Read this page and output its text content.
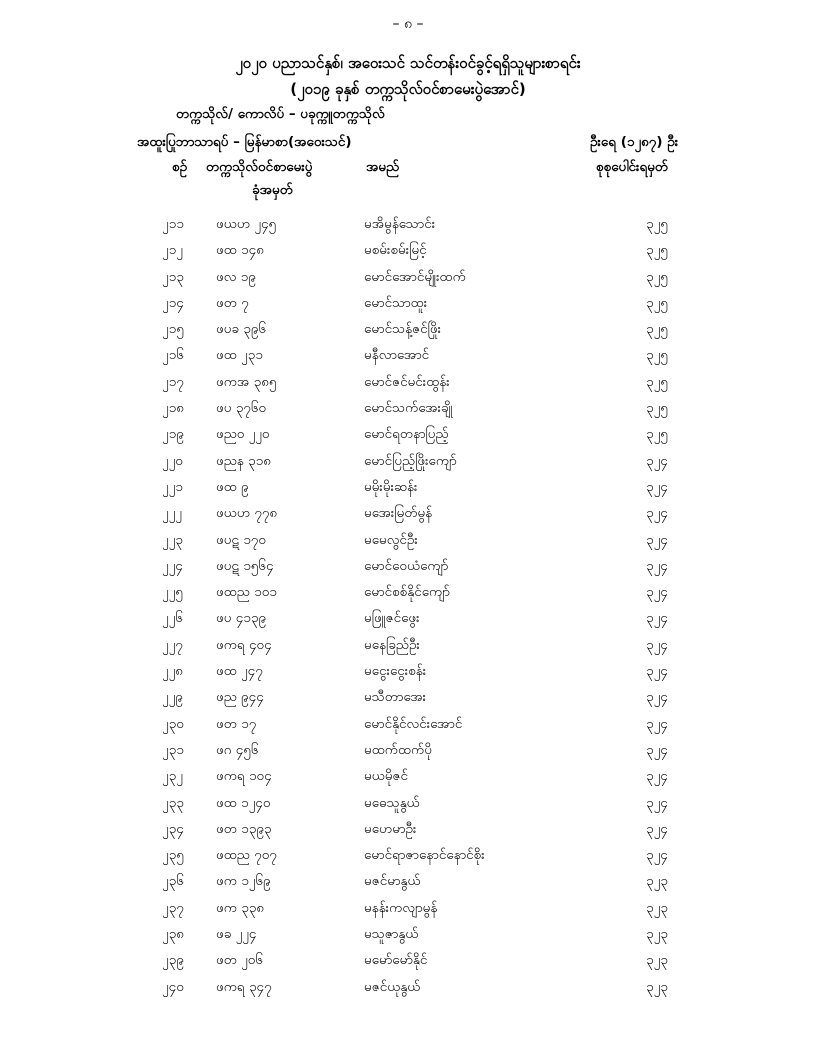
– ၈ –
၂၀၂၀ ပညာသင်နှစ်၊ အဝေးသင် သင်တန်းဝင်ခွင့်ရရှိသူများစာရင်း
(၂၀၁၉ ခုနှစ် တက္ကသိုလ်ဝင်စာမေးပွဲအောင်)
တက္ကသိုလ်/ ကောလိပ် – ပခုက္ကူတက္ကသိုလ်
အထူးပြုဘာသာရပ် – မြန်မာစာ(အဝေးသင်)	ဦးရေ (၁၂၈၇) ဦး
စဥ် တက္ကသိုလ်ဝင်စာမေးပွဲ
ခုံအမှတ်
အမည်	စုစုပေါင်းရမှတ်
၂၁၁ ဖယဟ ၂၄၅	မအိမွန်သောင်း	၃၂၅
၂၁၂ ဖထ ၁၄၈	မစမ်းစမ်းမြင့်	၃၂၅
၂၁၃ ဖလ ၁၉	မောင်အောင်မျိုးထက်	၃၂၅
၂၁၄ ဖတ ၇	မောင်သာထူး	၃၂၅
၂၁၅ ဖပခ ၃၉၆	မောင်သန့်ဇင်ဖြိုး	၃၂၅
၂၁၆ ဖထ ၂၃၁	မနီလာအောင်	၃၂၅
၂၁၇ ဖကအ ၃၈၅	မောင်ဇင်မင်းထွန်း	၃၂၅
၂၁၈ ဖပ ၃၇၆၀	မောင်သက်အေးချို	၃၂၅
၂၁၉ ဖညဝ ၂၂၀	မောင်ရတနာပြည့်	၃၂၅
၂၂၀ ဖညန ၃၁၈	မောင်ပြည့်ဖြိုးကျော်	၃၂၄
၂၂၁ ဖထ ၉	မမိုးမိုးဆန်း	၃၂၄
၂၂၂	ဖယဟ ၇၇၈	မအေးမြတ်မွန်	၃၂၄
၂၂၃ ဖပဋ ၁၇၀	မမေလွင်ဦး	၃၂၄
၂၂၄ ဖပဋ ၁၅၆၄	မောင်ဝေယံကျော်	၃၂၄
၂၂၅ ဖထည ၁၀၁	မောင်စစ်နိုင်ကျော်	၃၂၄
၂၂၆ ဖပ ၄၁၃၉	မဖြူဇင်ဖွေး	၃၂၄
၂၂၇ ဖကရ ၄၀၄	မနေခြည်ဦး	၃၂၄
၂၂၈ ဖထ ၂၄၇	မငွေးငွေးစန်း	၃၂၄
၂၂၉ ဖည ၉၄၄	မသီတာအေး	၃၂၄
၂၃၀ ဖတ ၁၇	မောင်နိုင်လင်းအောင်	၃၂၄
၂၃၁ ဖဂ ၄၅၆	မထက်ထက်ပို	၃၂၄
၂၃၂ ဖကရ ၁၀၄	မယမိုဇင်	၃၂၄
၂၃၃ ဖထ ၁၂၄၀	မဓေသူနွယ်	၃၂၄
၂၃၄ ဖတ ၁၃၉၃	မဟေမာဦး	၃၂၄
၂၃၅ ဖထည ၇၀၇	မောင်ရာဇာနောင်နောင်စိုး	၃၂၄
၂၃၆ ဖက ၁၂၆၉	မဇင်မာနွယ်	၃၂၃
၂၃၇ ဖက ၃၃၈	မနန်းကလျာမွန်	၃၂၃
၂၃၈ ဖခ ၂၂၄	မသူဇာနွယ်	၃၂၃
၂၃၉ ဖတ ၂၀၆	မမော်မော်နိုင်	၃၂၃
၂၄၀ ဖကရ ၃၄၇	မဇင်ယုနွယ်	၃၂၃
